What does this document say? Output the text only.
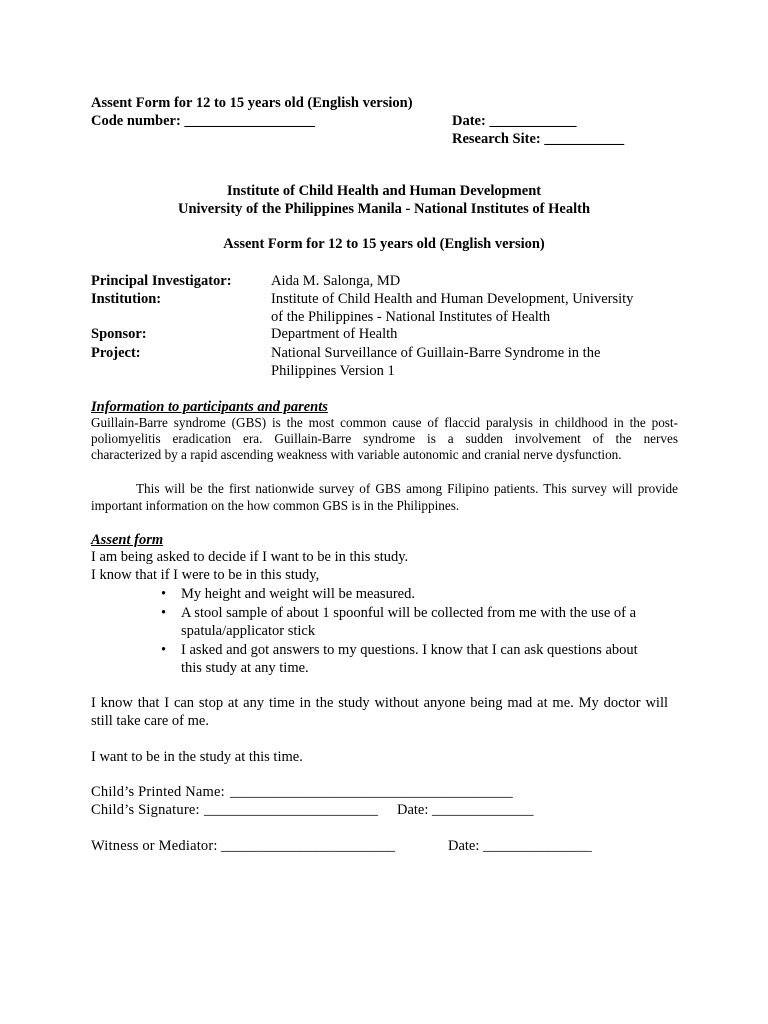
Assent Form for 12 to 15 years old (English version)
Code number: __________________	Date: ____________
Research Site: ___________
Institute of Child Health and Human Development
University of the Philippines Manila - National Institutes of Health
Assent Form for 12 to 15 years old (English version)
Principal Investigator:	Aida M. Salonga, MD
Institution:	Institute of Child Health and Human Development, University
of the Philippines - National Institutes of Health
Sponsor:	Department of Health
Project:	National Surveillance of Guillain-Barre Syndrome in the
Philippines Version 1
Information to participants and parents
Guillain-Barre syndrome (GBS) is the most common cause of flaccid paralysis in childhood in the post-
poliomyelitis eradication era. Guillain-Barre syndrome is a sudden involvement of the nerves
characterized by a rapid ascending weakness with variable autonomic and cranial nerve dysfunction.
This will be the first nationwide survey of GBS among Filipino patients. This survey will provide
important information on the how common GBS is in the Philippines.
Assent form
I am being asked to decide if I want to be in this study.
I know that if I were to be in this study,
• My height and weight will be measured.
• A stool sample of about 1 spoonful will be collected from me with the use of a
spatula/applicator stick
• I asked and got answers to my questions. I know that I can ask questions about
this study at any time.
I know that I can stop at any time in the study without anyone being mad at me. My doctor will
still take care of me.
I want to be in the study at this time.
Child’s Printed Name: _______________________________________
Child’s Signature: ________________________ Date: ______________
Witness or Mediator: ________________________	Date: _______________
